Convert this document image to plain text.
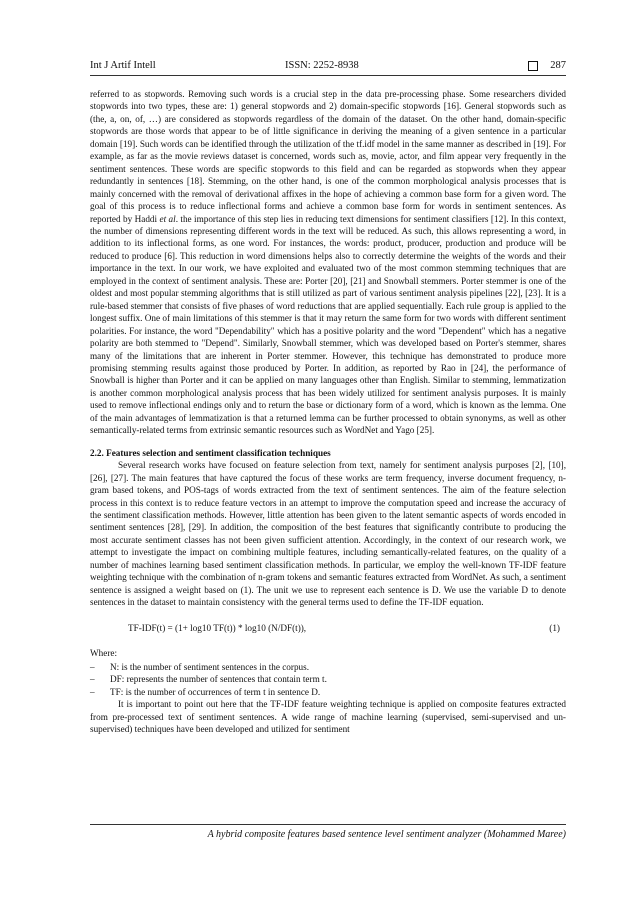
Int J Artif Intell	ISSN: 2252-8938	287

referred to as stopwords. Removing such words is a crucial step in the data pre-processing phase. Some researchers divided stopwords into two types, these are: 1) general stopwords and 2) domain-specific stopwords [16]. General stopwords such as (the, a, on, of, …) are considered as stopwords regardless of the domain of the dataset. On the other hand, domain-specific stopwords are those words that appear to be of little significance in deriving the meaning of a given sentence in a particular domain [19]. Such words can be identified through the utilization of the tf.idf model in the same manner as described in [19]. For example, as far as the movie reviews dataset is concerned, words such as, movie, actor, and film appear very frequently in the sentiment sentences. These words are specific stopwords to this field and can be regarded as stopwords when they appear redundantly in sentences [18]. Stemming, on the other hand, is one of the common morphological analysis processes that is mainly concerned with the removal of derivational affixes in the hope of achieving a common base form for a given word. The goal of this process is to reduce inflectional forms and achieve a common base form for words in sentiment sentences. As reported by Haddi et al. the importance of this step lies in reducing text dimensions for sentiment classifiers [12]. In this context, the number of dimensions representing different words in the text will be reduced. As such, this allows representing a word, in addition to its inflectional forms, as one word. For instances, the words: product, producer, production and produce will be reduced to produce [6]. This reduction in word dimensions helps also to correctly determine the weights of the words and their importance in the text. In our work, we have exploited and evaluated two of the most common stemming techniques that are employed in the context of sentiment analysis. These are: Porter [20], [21] and Snowball stemmers. Porter stemmer is one of the oldest and most popular stemming algorithms that is still utilized as part of various sentiment analysis pipelines [22], [23]. It is a rule-based stemmer that consists of five phases of word reductions that are applied sequentially. Each rule group is applied to the longest suffix. One of main limitations of this stemmer is that it may return the same form for two words with different sentiment polarities. For instance, the word "Dependability" which has a positive polarity and the word "Dependent" which has a negative polarity are both stemmed to "Depend". Similarly, Snowball stemmer, which was developed based on Porter's stemmer, shares many of the limitations that are inherent in Porter stemmer. However, this technique has demonstrated to produce more promising stemming results against those produced by Porter. In addition, as reported by Rao in [24], the performance of Snowball is higher than Porter and it can be applied on many languages other than English. Similar to stemming, lemmatization is another common morphological analysis process that has been widely utilized for sentiment analysis purposes. It is mainly used to remove inflectional endings only and to return the base or dictionary form of a word, which is known as the lemma. One of the main advantages of lemmatization is that a returned lemma can be further processed to obtain synonyms, as well as other semantically-related terms from extrinsic semantic resources such as WordNet and Yago [25].

2.2. Features selection and sentiment classification techniques

Several research works have focused on feature selection from text, namely for sentiment analysis purposes [2], [10], [26], [27]. The main features that have captured the focus of these works are term frequency, inverse document frequency, n-gram based tokens, and POS-tags of words extracted from the text of sentiment sentences. The aim of the feature selection process in this context is to reduce feature vectors in an attempt to improve the computation speed and increase the accuracy of the sentiment classification methods. However, little attention has been given to the latent semantic aspects of words encoded in sentiment sentences [28], [29]. In addition, the composition of the best features that significantly contribute to producing the most accurate sentiment classes has not been given sufficient attention. Accordingly, in the context of our research work, we attempt to investigate the impact on combining multiple features, including semantically-related features, on the quality of a number of machines learning based sentiment classification methods. In particular, we employ the well-known TF-IDF feature weighting technique with the combination of n-gram tokens and semantic features extracted from WordNet. As such, a sentiment sentence is assigned a weight based on (1). The unit we use to represent each sentence is D. We use the variable D to denote sentences in the dataset to maintain consistency with the general terms used to define the TF-IDF equation.

TF-IDF(t) = (1+ log10 TF(t)) * log10 (N/DF(t)),	(1)

Where:

– N: is the number of sentiment sentences in the corpus.
– DF: represents the number of sentences that contain term t.
– TF: is the number of occurrences of term t in sentence D.

It is important to point out here that the TF-IDF feature weighting technique is applied on composite features extracted from pre-processed text of sentiment sentences. A wide range of machine learning (supervised, semi-supervised and un-supervised) techniques have been developed and utilized for sentiment

A hybrid composite features based sentence level sentiment analyzer (Mohammed Maree)
